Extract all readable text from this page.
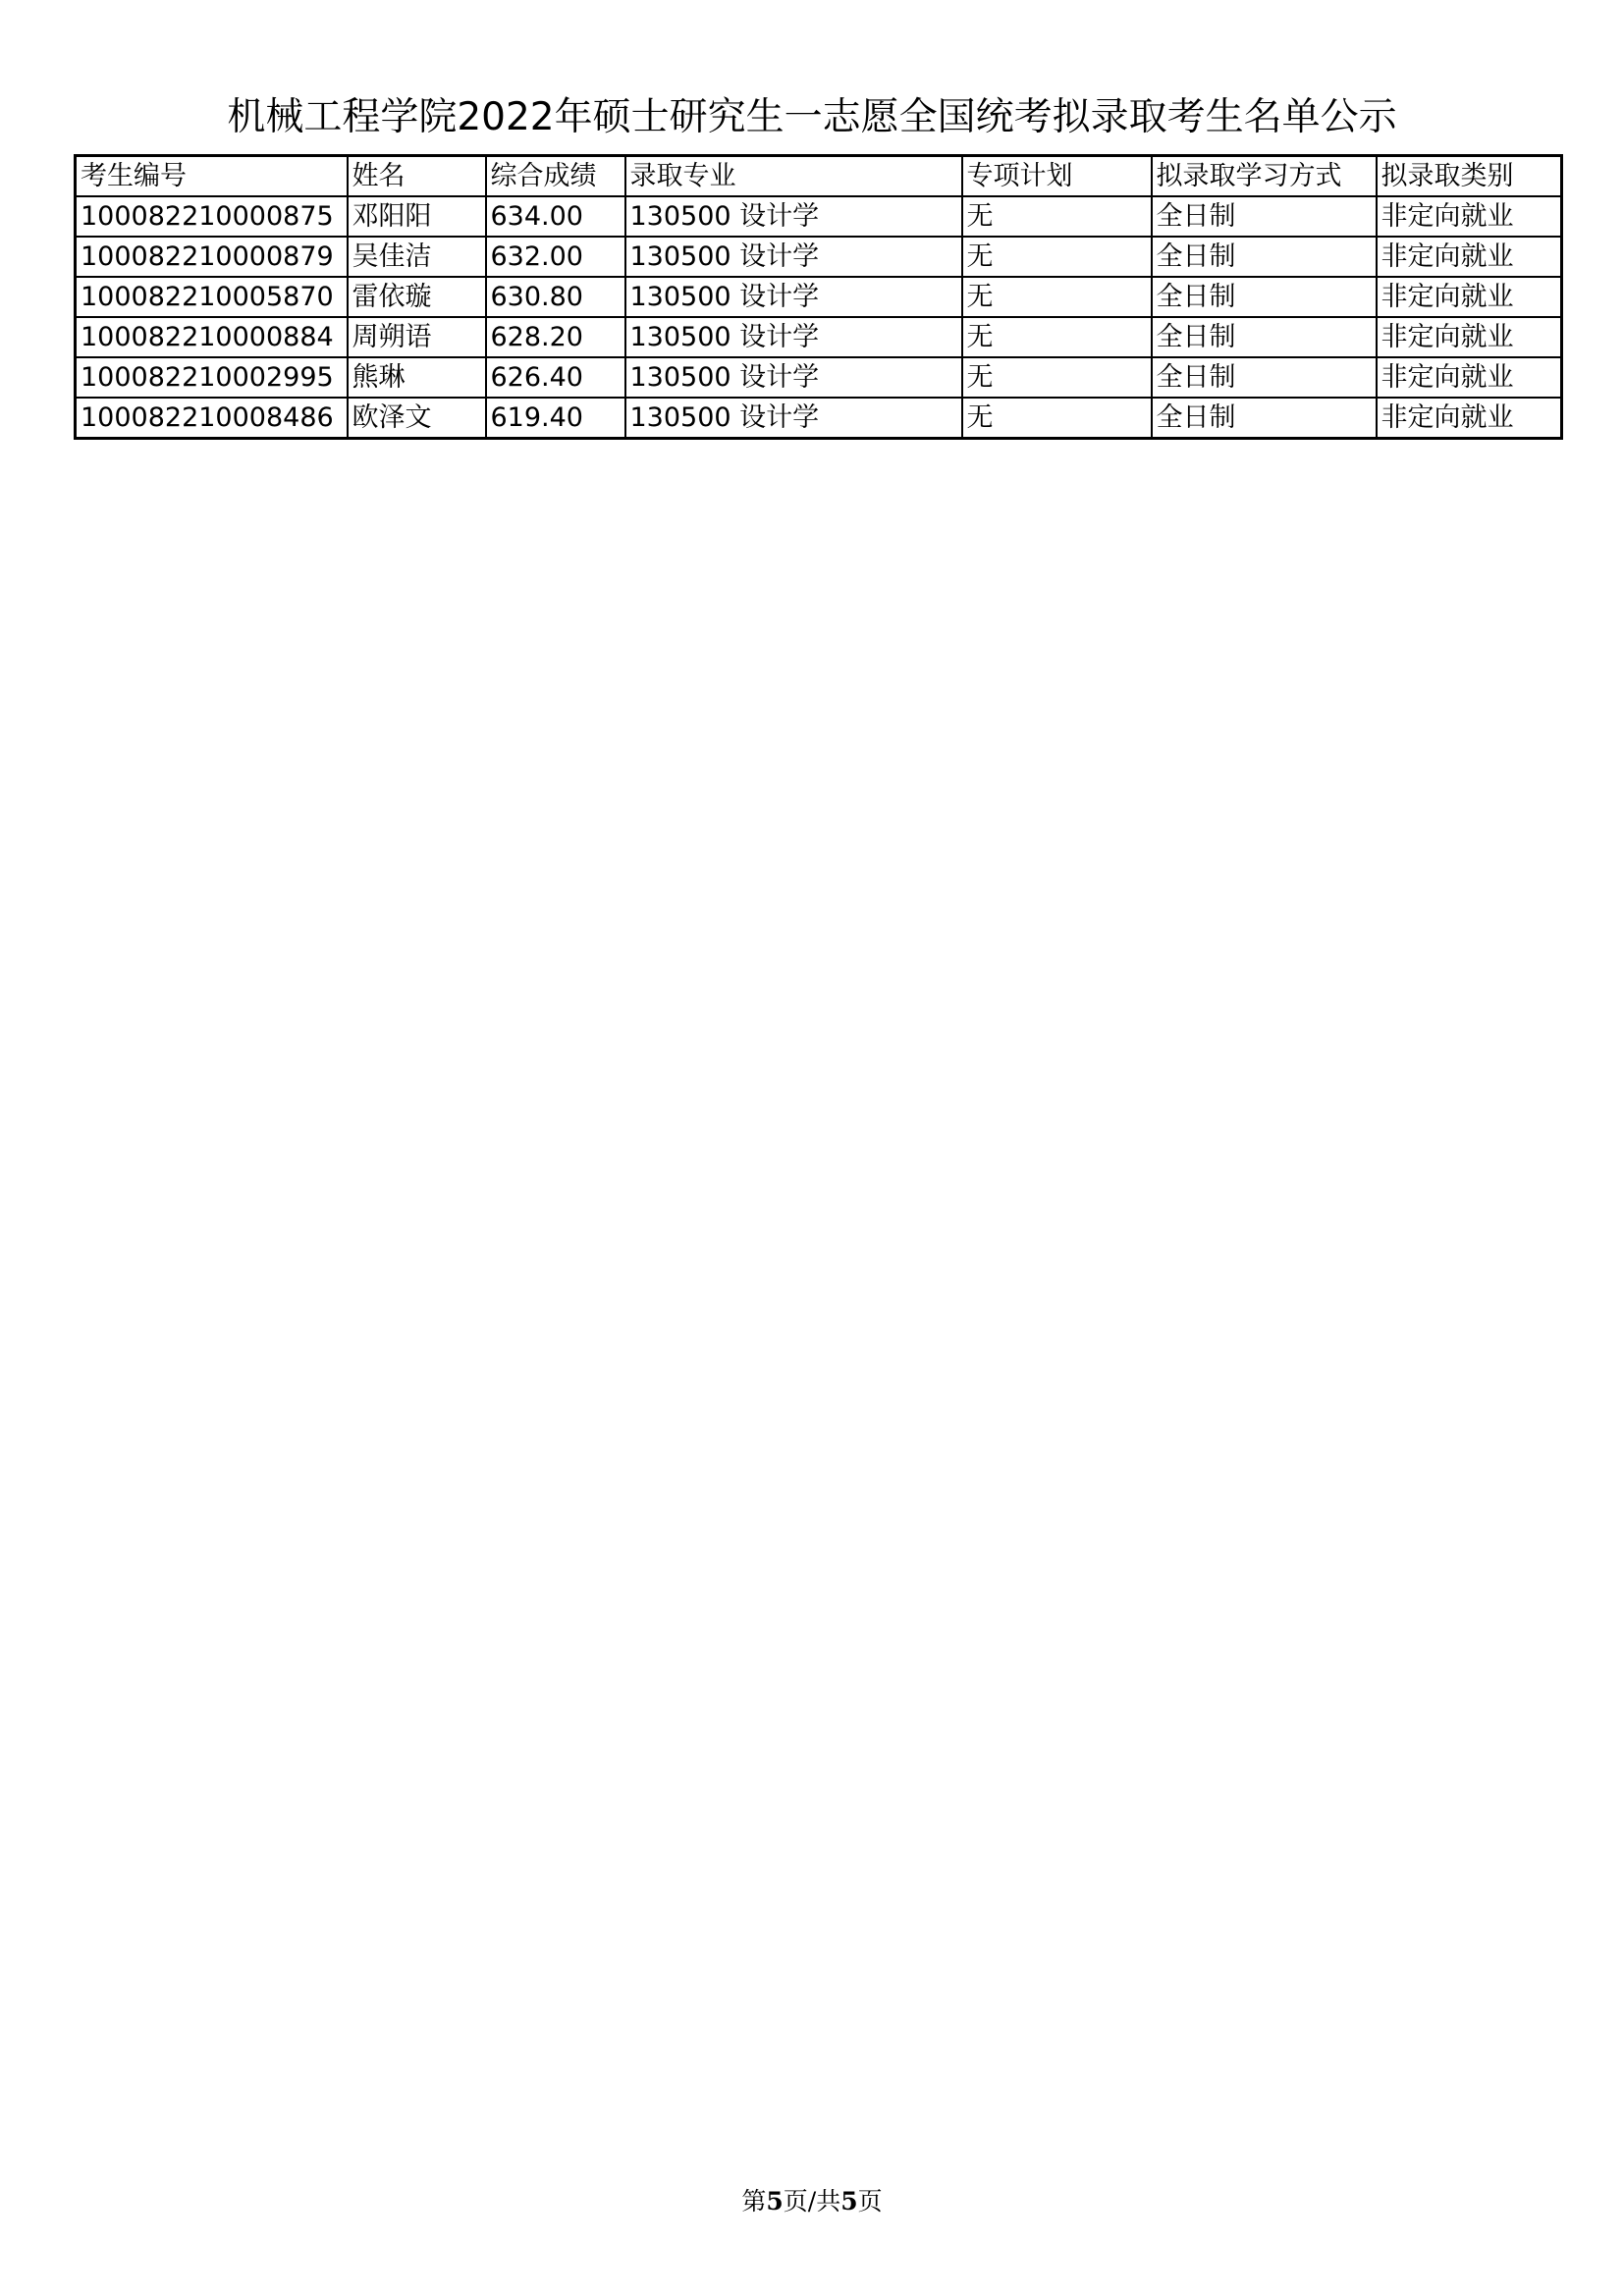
机械工程学院2022年硕士研究生一志愿全国统考拟录取考生名单公示
考生编号	姓名	综合成绩	录取专业	专项计划	拟录取学习方式	拟录取类别
100082210000875	邓阳阳	634.00	130500 设计学	无	全日制	非定向就业
100082210000879	吴佳洁	632.00	130500 设计学	无	全日制	非定向就业
100082210005870	雷依璇	630.80	130500 设计学	无	全日制	非定向就业
100082210000884	周朔语	628.20	130500 设计学	无	全日制	非定向就业
100082210002995	熊琳	626.40	130500 设计学	无	全日制	非定向就业
100082210008486	欧泽文	619.40	130500 设计学	无	全日制	非定向就业
第5页/共5页
